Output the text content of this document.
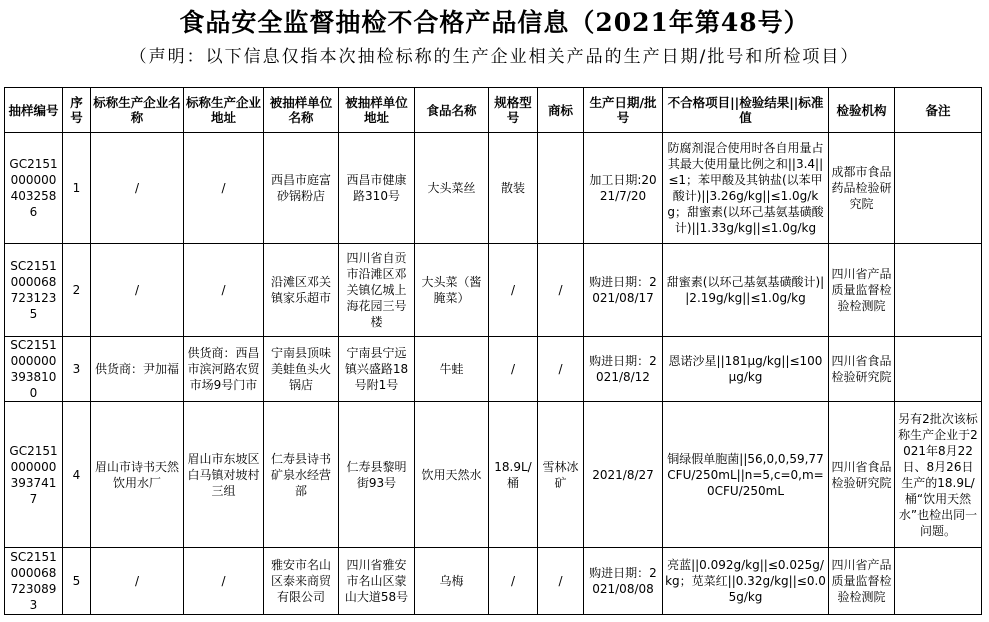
食品安全监督抽检不合格产品信息（2021年第48号）
（声明：以下信息仅指本次抽检标称的生产企业相关产品的生产日期/批号和所检项目）
抽样编号	序号	标称生产企业名称	标称生产企业地址	被抽样单位名称	被抽样单位地址	食品名称	规格型号	商标	生产日期/批号	不合格项目||检验结果||标准值	检验机构	备注
GC21510000004032586	1	/	/	西昌市庭富砂锅粉店	西昌市健康路310号	大头菜丝	散装		加工日期:2021/7/20	防腐剂混合使用时各自用量占其最大使用量比例之和||3.4||≤1；苯甲酸及其钠盐(以苯甲酸计)||3.26g/kg||≤1.0g/kg；甜蜜素(以环己基氨基磺酸计)||1.33g/kg||≤1.0g/kg	成都市食品药品检验研究院	
SC21510000687231235	2	/	/	沿滩区邓关镇家乐超市	四川省自贡市沿滩区邓关镇亿城上海花园三号楼	大头菜（酱腌菜）	/	/	购进日期：2021/08/17	甜蜜素(以环己基氨基磺酸计)||2.19g/kg||≤1.0g/kg	四川省产品质量监督检验检测院	
SC21510000003938100	3	供货商：尹加福	供货商：西昌市滨河路农贸市场9号门市	宁南县顶味美蛙鱼头火锅店	宁南县宁远镇兴盛路18号附1号	牛蛙	/	/	购进日期：2021/8/12	恩诺沙星||181μg/kg||≤100μg/kg	四川省食品检验研究院	
GC21510000003937417	4	眉山市诗书天然饮用水厂	眉山市东坡区白马镇对坡村三组	仁寿县诗书矿泉水经营部	仁寿县黎明街93号	饮用天然水	18.9L/桶	雪林冰矿	2021/8/27	铜绿假单胞菌||56,0,0,59,77CFU/250mL||n=5,c=0,m=0CFU/250mL	四川省食品检验研究院	另有2批次该标称生产企业于2021年8月22日、8月26日生产的18.9L/桶“饮用天然水”也检出同一问题。
SC21510000687230893	5	/	/	雅安市名山区泰来商贸有限公司	四川省雅安市名山区蒙山大道58号	乌梅	/	/	购进日期：2021/08/08	亮蓝||0.092g/kg||≤0.025g/kg；苋菜红||0.32g/kg||≤0.05g/kg	四川省产品质量监督检验检测院	
